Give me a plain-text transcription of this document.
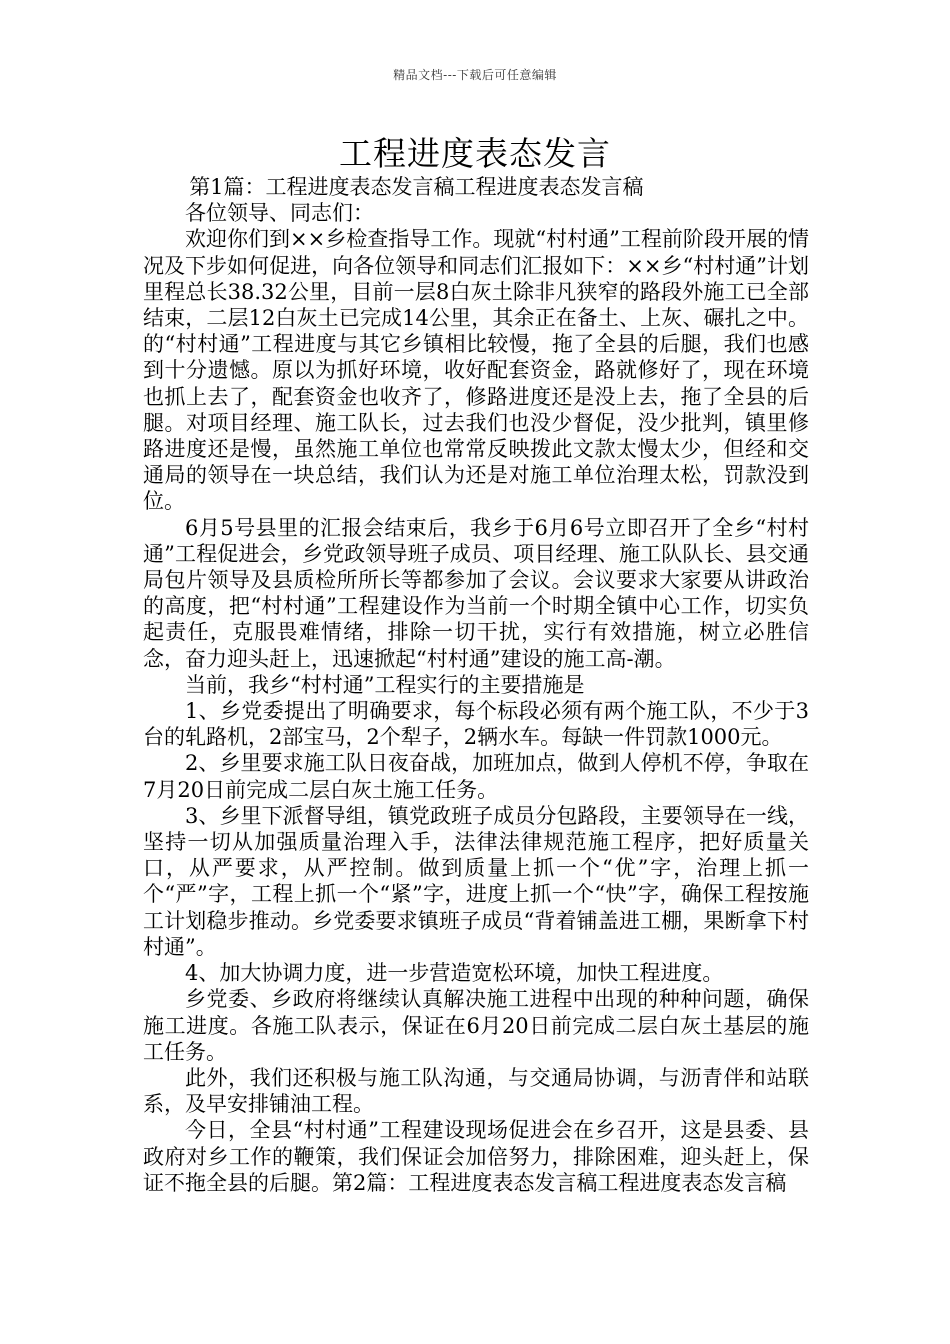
精品文档---下载后可任意编辑
工程进度表态发言

第1篇：工程进度表态发言稿工程进度表态发言稿

各位领导、同志们：

欢迎你们到××乡检查指导工作。现就“村村通”工程前阶段开展的情况及下步如何促进，向各位领导和同志们汇报如下：××乡“村村通”计划里程总长38.32公里，目前一层8白灰土除非凡狭窄的路段外施工已全部结束，二层12白灰土已完成14公里，其余正在备土、上灰、碾扎之中。的“村村通”工程进度与其它乡镇相比较慢，拖了全县的后腿，我们也感到十分遗憾。原以为抓好环境，收好配套资金，路就修好了，现在环境也抓上去了，配套资金也收齐了，修路进度还是没上去，拖了全县的后腿。对项目经理、施工队长，过去我们也没少督促，没少批判，镇里修路进度还是慢，虽然施工单位也常常反映拨此文款太慢太少，但经和交通局的领导在一块总结，我们认为还是对施工单位治理太松，罚款没到位。

6月5号县里的汇报会结束后，我乡于6月6号立即召开了全乡“村村通”工程促进会，乡党政领导班子成员、项目经理、施工队队长、县交通局包片领导及县质检所所长等都参加了会议。会议要求大家要从讲政治的高度，把“村村通”工程建设作为当前一个时期全镇中心工作，切实负起责任，克服畏难情绪，排除一切干扰，实行有效措施，树立必胜信念，奋力迎头赶上，迅速掀起“村村通”建设的施工高-潮。

当前，我乡“村村通”工程实行的主要措施是

1、乡党委提出了明确要求，每个标段必须有两个施工队，不少于3台的轧路机，2部宝马，2个犁子，2辆水车。每缺一件罚款1000元。

2、乡里要求施工队日夜奋战，加班加点，做到人停机不停，争取在7月20日前完成二层白灰土施工任务。

3、乡里下派督导组，镇党政班子成员分包路段，主要领导在一线，坚持一切从加强质量治理入手，法律法律规范施工程序，把好质量关口，从严要求，从严控制。做到质量上抓一个“优”字，治理上抓一个“严”字，工程上抓一个“紧”字，进度上抓一个“快”字，确保工程按施工计划稳步推动。乡党委要求镇班子成员“背着铺盖进工棚，果断拿下村村通”。

4、加大协调力度，进一步营造宽松环境，加快工程进度。

乡党委、乡政府将继续认真解决施工进程中出现的种种问题，确保施工进度。各施工队表示，保证在6月20日前完成二层白灰土基层的施工任务。

此外，我们还积极与施工队沟通，与交通局协调，与沥青伴和站联系，及早安排铺油工程。

今日，全县“村村通”工程建设现场促进会在乡召开，这是县委、县政府对乡工作的鞭策，我们保证会加倍努力，排除困难，迎头赶上，保证不拖全县的后腿。第2篇：工程进度表态发言稿工程进度表态发言稿
